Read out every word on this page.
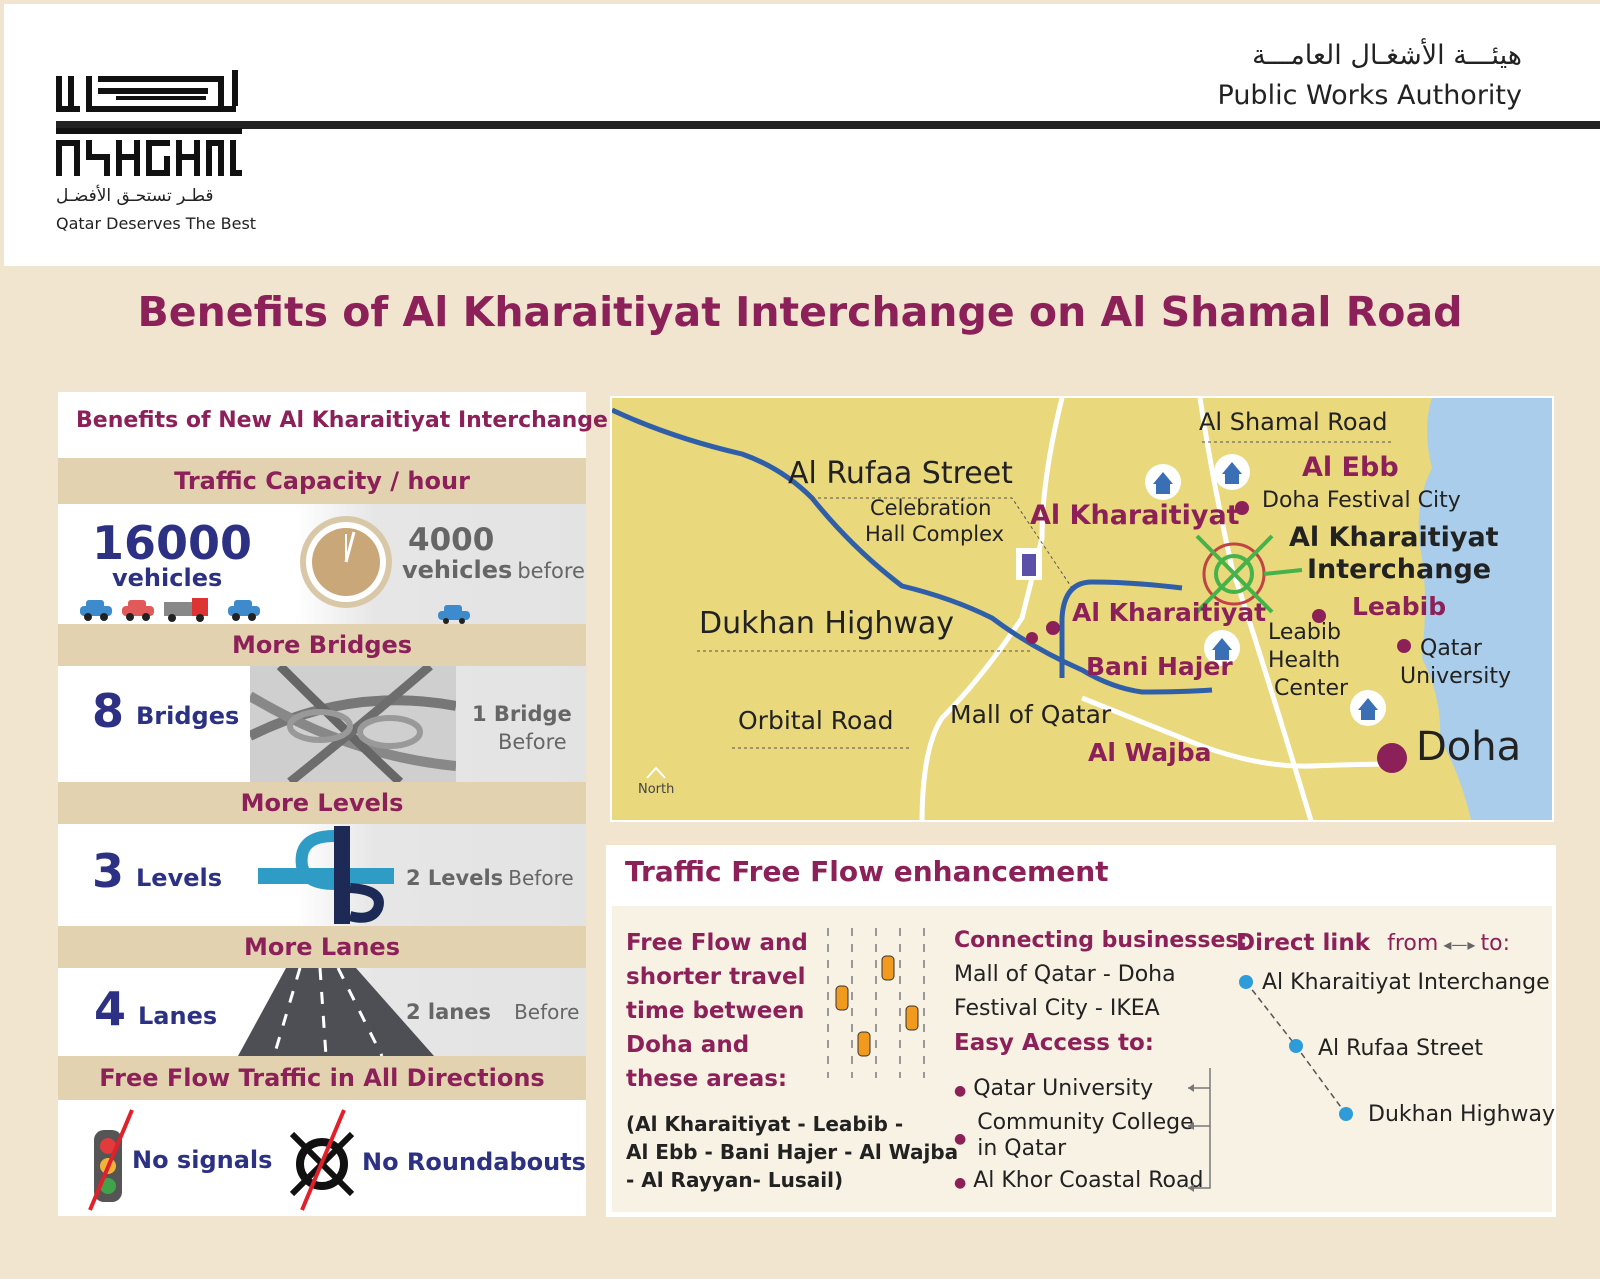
قطـر تستحـق الأفضـل
Qatar Deserves The Best
هيئـــة الأشغـال العامـــة
Public Works Authority
Benefits of Al Kharaitiyat Interchange on Al Shamal Road
Benefits of New Al Kharaitiyat Interchange
Traffic Capacity / hour
16000
vehicles
4000
vehicles before
More Bridges
8 Bridges	1 Bridge
Before
More Levels
3 Levels	2 Levels Before
More Lanes
4 Lanes	2 lanes Before
Free Flow Traffic in All Directions
No signals	No Roundabouts
Al Shamal Road
Al Rufaa Street
Celebration
Hall Complex
Al Kharaitiyat
Al Ebb
Doha Festival City
Al Kharaitiyat
Interchange
Dukhan Highway	Al Kharaitiyat	Leabib
Leabib
Health
Center
Qatar
University
Bani Hajer
Orbital Road Mall of Qatar
Al Wajba	Doha
North
Traffic Free Flow enhancement
Free Flow and
shorter travel
time between
Doha and
these areas:
(Al Kharaitiyat - Leabib -
Al Ebb - Bani Hajer - Al Wajba
- Al Rayyan- Lusail)
Connecting businesses:
Mall of Qatar - Doha
Festival City - IKEA
Easy Access to:
● Qatar University
$_●$ Community College
in Qatar
● Al Khor Coastal Road
Direct link from ◂—▸ to:
Al Kharaitiyat Interchange
Al Rufaa Street
Dukhan Highway
